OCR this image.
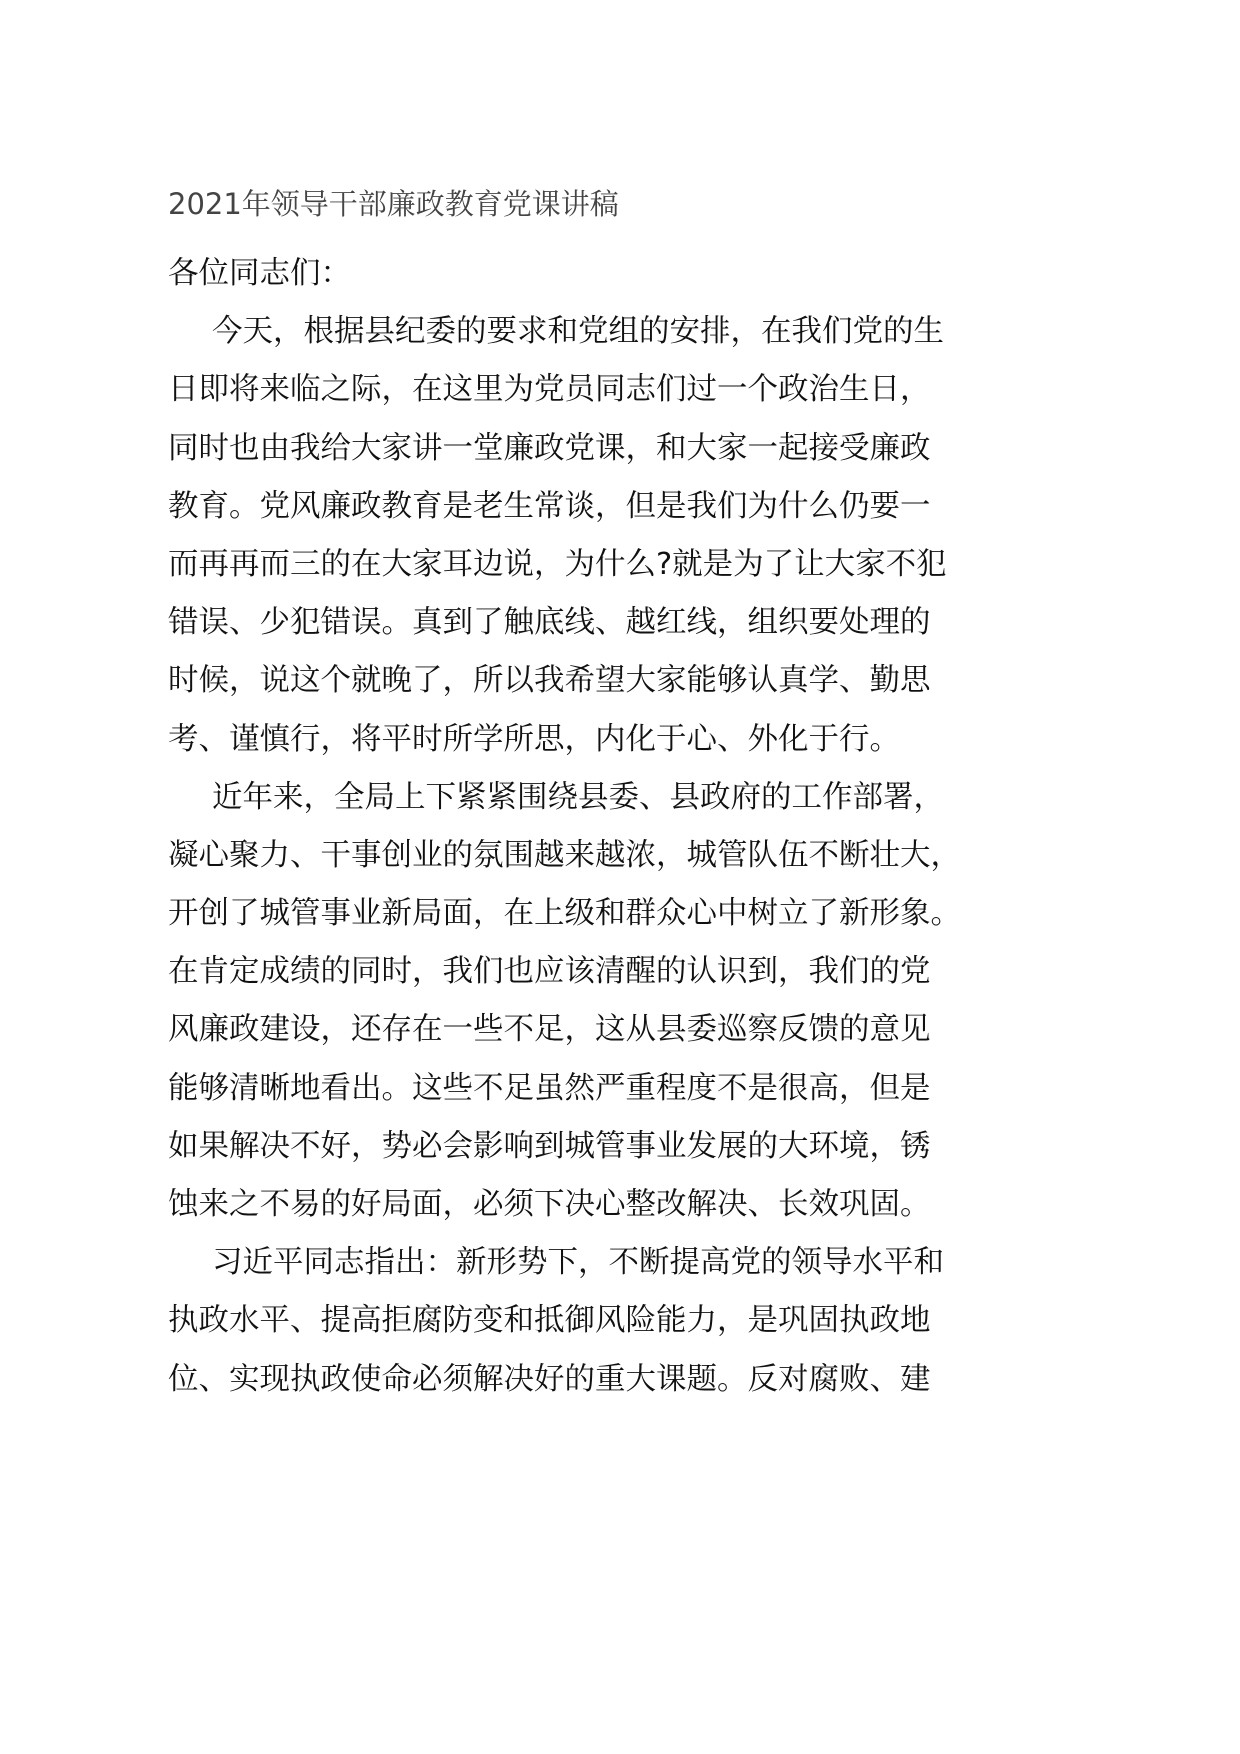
2021年领导干部廉政教育党课讲稿
各位同志们：
今天，根据县纪委的要求和党组的安排，在我们党的生
日即将来临之际，在这里为党员同志们过一个政治生日，
同时也由我给大家讲一堂廉政党课，和大家一起接受廉政
教育。党风廉政教育是老生常谈，但是我们为什么仍要一
而再再而三的在大家耳边说，为什么?就是为了让大家不犯
错误、少犯错误。真到了触底线、越红线，组织要处理的
时候，说这个就晚了，所以我希望大家能够认真学、勤思
考、谨慎行，将平时所学所思，内化于心、外化于行。
近年来，全局上下紧紧围绕县委、县政府的工作部署，
凝心聚力、干事创业的氛围越来越浓，城管队伍不断壮大，
开创了城管事业新局面，在上级和群众心中树立了新形象。
在肯定成绩的同时，我们也应该清醒的认识到，我们的党
风廉政建设，还存在一些不足，这从县委巡察反馈的意见
能够清晰地看出。这些不足虽然严重程度不是很高，但是
如果解决不好，势必会影响到城管事业发展的大环境，锈
蚀来之不易的好局面，必须下决心整改解决、长效巩固。
习近平同志指出：新形势下，不断提高党的领导水平和
执政水平、提高拒腐防变和抵御风险能力，是巩固执政地
位、实现执政使命必须解决好的重大课题。反对腐败、建
